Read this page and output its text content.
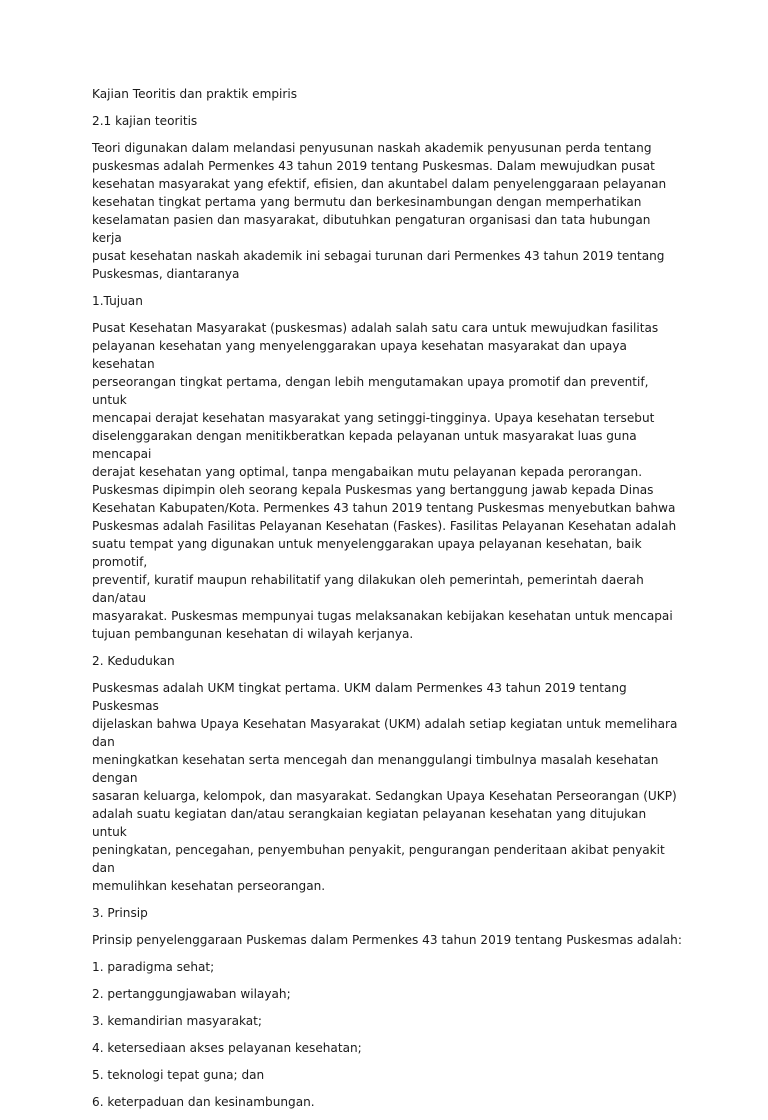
Kajian Teoritis dan praktik empiris

2.1 kajian teoritis

Teori digunakan dalam melandasi penyusunan naskah akademik penyusunan perda tentang
puskesmas adalah Permenkes 43 tahun 2019 tentang Puskesmas. Dalam mewujudkan pusat
kesehatan masyarakat yang efektif, efisien, dan akuntabel dalam penyelenggaraan pelayanan
kesehatan tingkat pertama yang bermutu dan berkesinambungan dengan memperhatikan
keselamatan pasien dan masyarakat, dibutuhkan pengaturan organisasi dan tata hubungan kerja
pusat kesehatan naskah akademik ini sebagai turunan dari Permenkes 43 tahun 2019 tentang
Puskesmas, diantaranya

1.Tujuan

Pusat Kesehatan Masyarakat (puskesmas) adalah salah satu cara untuk mewujudkan fasilitas
pelayanan kesehatan yang menyelenggarakan upaya kesehatan masyarakat dan upaya kesehatan
perseorangan tingkat pertama, dengan lebih mengutamakan upaya promotif dan preventif, untuk
mencapai derajat kesehatan masyarakat yang setinggi-tingginya. Upaya kesehatan tersebut
diselenggarakan dengan menitikberatkan kepada pelayanan untuk masyarakat luas guna mencapai
derajat kesehatan yang optimal, tanpa mengabaikan mutu pelayanan kepada perorangan.
Puskesmas dipimpin oleh seorang kepala Puskesmas yang bertanggung jawab kepada Dinas
Kesehatan Kabupaten/Kota. Permenkes 43 tahun 2019 tentang Puskesmas menyebutkan bahwa
Puskesmas adalah Fasilitas Pelayanan Kesehatan (Faskes). Fasilitas Pelayanan Kesehatan adalah
suatu tempat yang digunakan untuk menyelenggarakan upaya pelayanan kesehatan, baik promotif,
preventif, kuratif maupun rehabilitatif yang dilakukan oleh pemerintah, pemerintah daerah dan/atau
masyarakat. Puskesmas mempunyai tugas melaksanakan kebijakan kesehatan untuk mencapai
tujuan pembangunan kesehatan di wilayah kerjanya.

2. Kedudukan

Puskesmas adalah UKM tingkat pertama. UKM dalam Permenkes 43 tahun 2019 tentang Puskesmas
dijelaskan bahwa Upaya Kesehatan Masyarakat (UKM) adalah setiap kegiatan untuk memelihara dan
meningkatkan kesehatan serta mencegah dan menanggulangi timbulnya masalah kesehatan dengan
sasaran keluarga, kelompok, dan masyarakat. Sedangkan Upaya Kesehatan Perseorangan (UKP)
adalah suatu kegiatan dan/atau serangkaian kegiatan pelayanan kesehatan yang ditujukan untuk
peningkatan, pencegahan, penyembuhan penyakit, pengurangan penderitaan akibat penyakit dan
memulihkan kesehatan perseorangan.

3. Prinsip

Prinsip penyelenggaraan Puskemas dalam Permenkes 43 tahun 2019 tentang Puskesmas adalah:

1. paradigma sehat;

2. pertanggungjawaban wilayah;

3. kemandirian masyarakat;

4. ketersediaan akses pelayanan kesehatan;

5. teknologi tepat guna; dan

6. keterpaduan dan kesinambungan.
